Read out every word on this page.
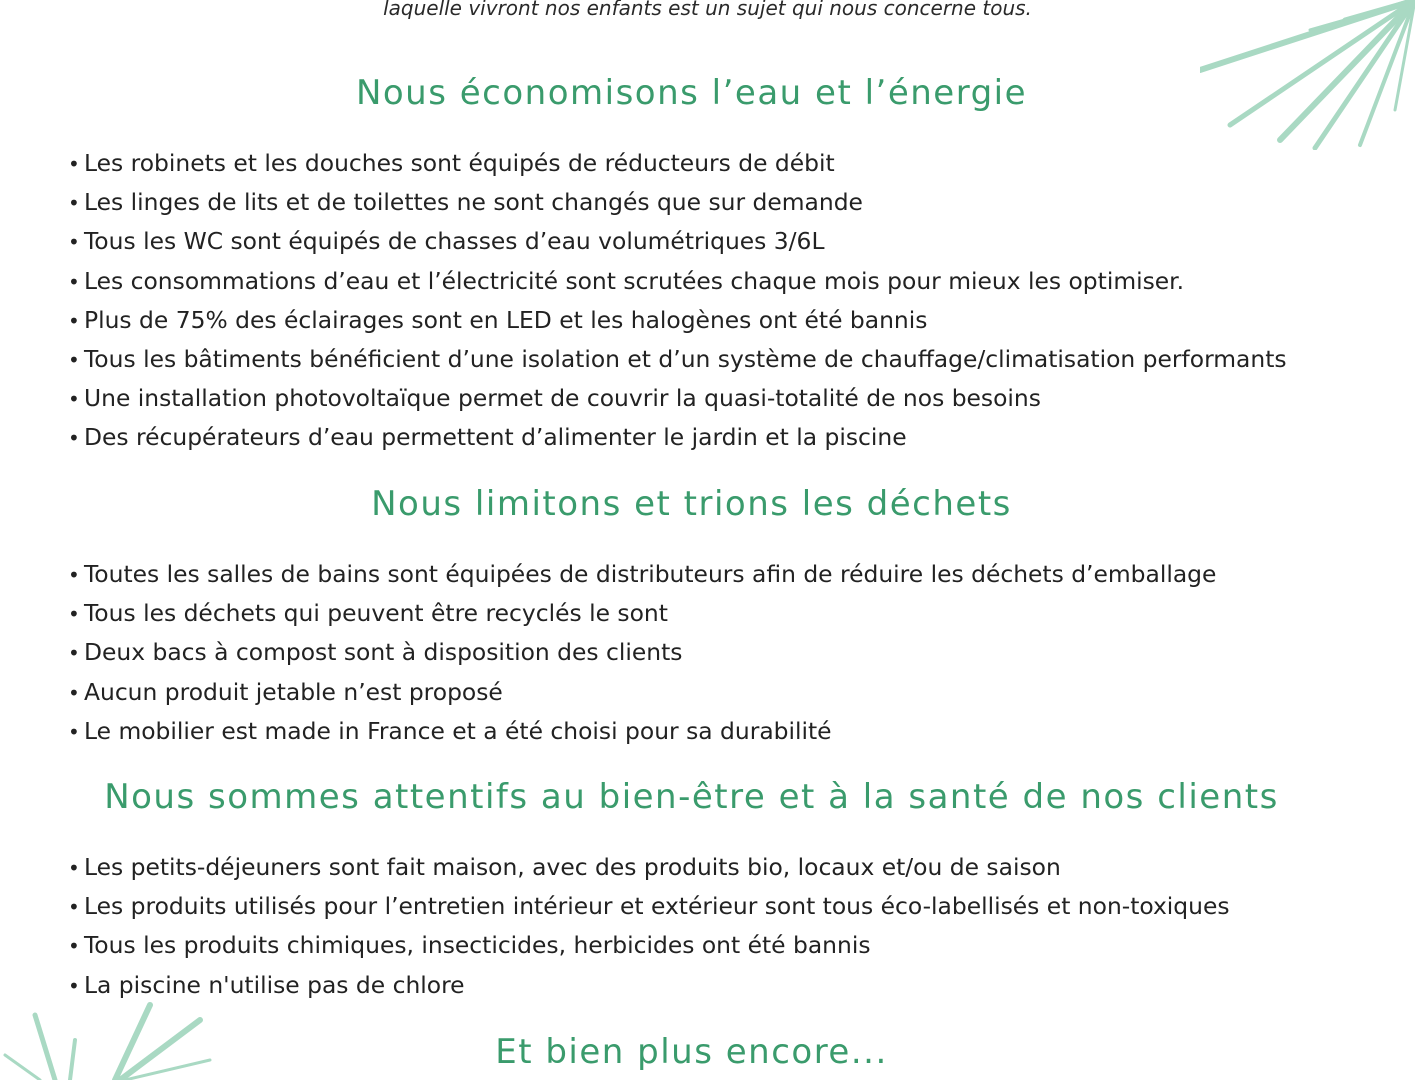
laquelle vivront nos enfants est un sujet qui nous concerne tous.
Nous économisons l’eau et l’énergie
• Les robinets et les douches sont équipés de réducteurs de débit
• Les linges de lits et de toilettes ne sont changés que sur demande
• Tous les WC sont équipés de chasses d’eau volumétriques 3/6L
• Les consommations d’eau et l’électricité sont scrutées chaque mois pour mieux les optimiser.
• Plus de 75% des éclairages sont en LED et les halogènes ont été bannis
• Tous les bâtiments bénéficient d’une isolation et d’un système de chauffage/climatisation performants
• Une installation photovoltaïque permet de couvrir la quasi-totalité de nos besoins
• Des récupérateurs d’eau permettent d’alimenter le jardin et la piscine
Nous limitons et trions les déchets
• Toutes les salles de bains sont équipées de distributeurs afin de réduire les déchets d’emballage
• Tous les déchets qui peuvent être recyclés le sont
• Deux bacs à compost sont à disposition des clients
• Aucun produit jetable n’est proposé
• Le mobilier est made in France et a été choisi pour sa durabilité
Nous sommes attentifs au bien-être et à la santé de nos clients
• Les petits-déjeuners sont fait maison, avec des produits bio, locaux et/ou de saison
• Les produits utilisés pour l’entretien intérieur et extérieur sont tous éco-labellisés et non-toxiques
• Tous les produits chimiques, insecticides, herbicides ont été bannis
• La piscine n'utilise pas de chlore
Et bien plus encore...
